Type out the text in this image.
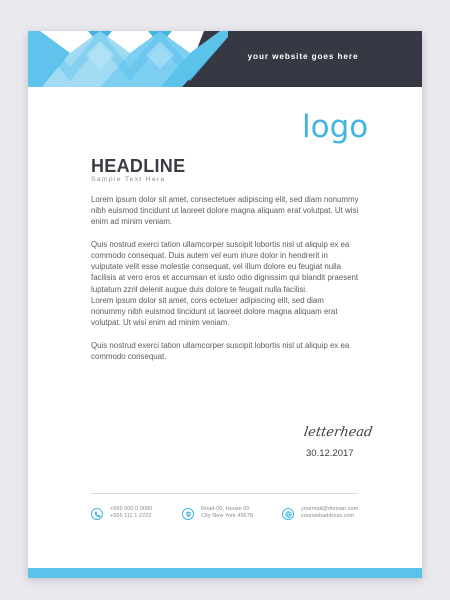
your website goes here
logo
HEADLINE
Sample Text Here

Lorem ipsum dolor sit amet, consectetuer adipiscing elit, sed diam nonummy nibh euismod tincidunt ut laoreet dolore magna aliquam erat volutpat. Ut wisi enim ad minim veniam.

Quis nostrud exerci tation ullamcorper suscipit lobortis nisl ut aliquip ex ea commodo consequat. Duis autem vel eum iriure dolor in hendrerit in vulputate velit esse molestie consequat, vel illum dolore eu feugiat nulla facilisis at vero eros et accumsan et iusto odio dignissim qui blandit praesent luptatum zzril delenit augue duis dolore te feugait nulla facilisi.

Lorem ipsum dolor sit amet, cons ectetuer adipiscing elit, sed diam nonummy nibh euismod tincidunt ut laoreet dolore magna aliquam erat volutpat. Ut wisi enim ad minim veniam.

Quis nostrud exerci tation ullamcorper suscipit lobortis nisl ut aliquip ex ea commodo consequat.

letterhead
30.12.2017
+555 000 0 0000
+555 111 1 2222
Road-00, House 00
City New York 45678
yourmail@domain.com
yourwebaddress.com
